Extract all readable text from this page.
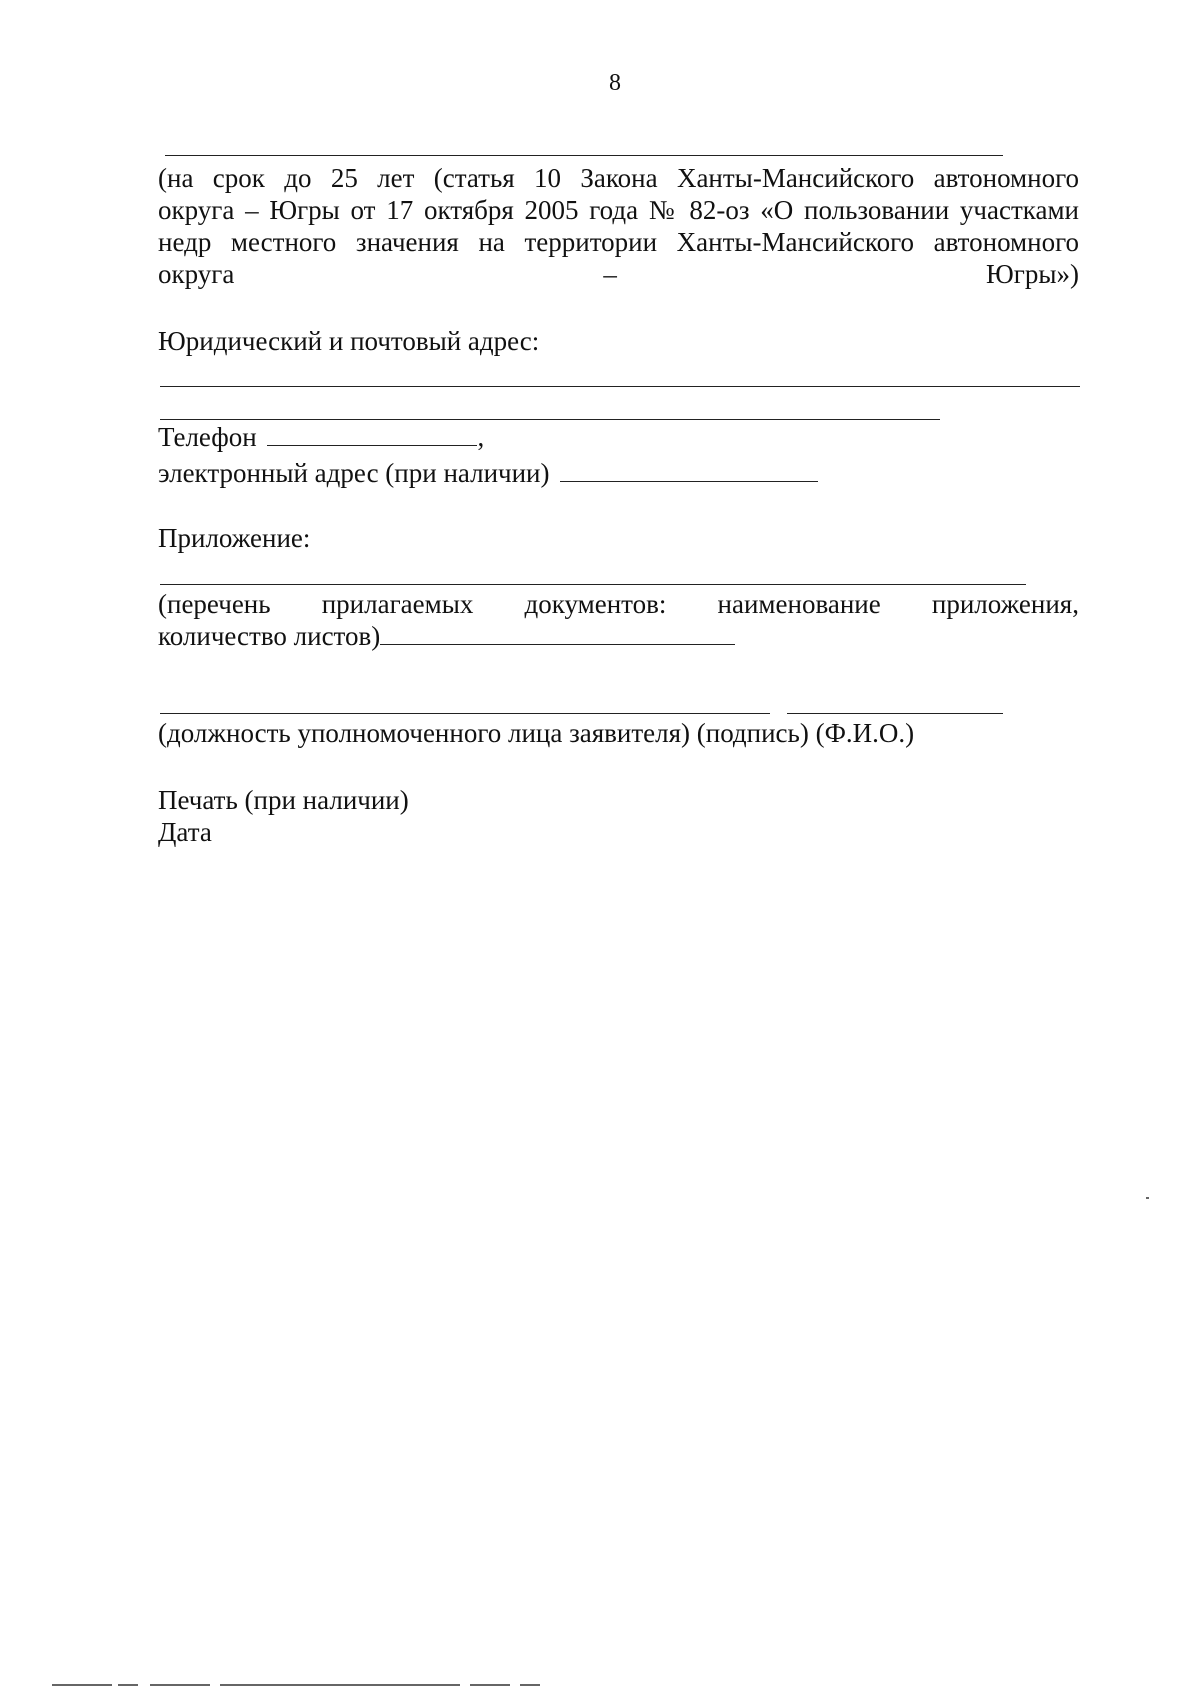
8
(на срок до 25 лет (статья 10 Закона Ханты-Мансийского автономного
округа – Югры от 17 октября 2005 года № 82-оз «О пользовании участками
недр местного значения на территории Ханты-Мансийского автономного
округа – Югры»)
Юридический и почтовый адрес:
Телефон	,
электронный адрес (при наличии)
Приложение:
(перечень прилагаемых документов: наименование приложения,
количество листов)
(должность уполномоченного лица заявителя) (подпись) (Ф.И.О.)
Печать (при наличии)
Дата
